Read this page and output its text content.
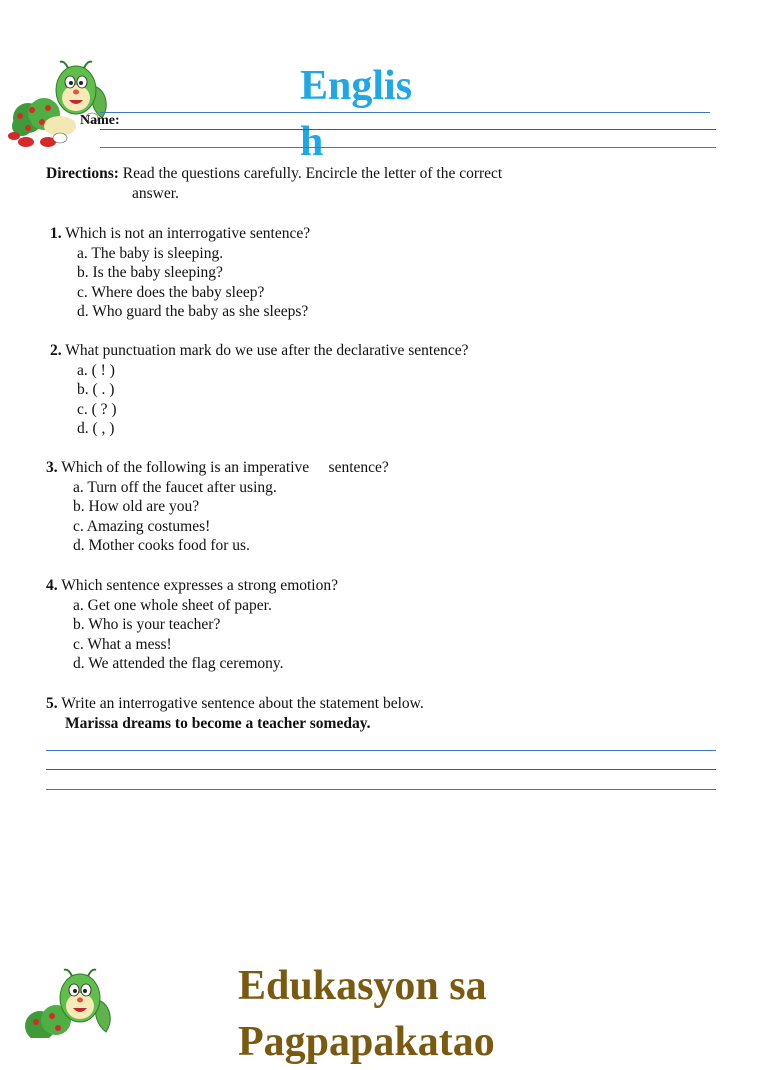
English
Name:
Directions: Read the questions carefully. Encircle the letter of the correct
answer.
1. Which is not an interrogative sentence?
a. The baby is sleeping.
b. Is the baby sleeping?
c. Where does the baby sleep?
d. Who guard the baby as she sleeps?
2. What punctuation mark do we use after the declarative sentence?
a. ( ! )
b. ( . )
c. ( ? )
d. ( , )
3. Which of the following is an imperative     sentence?
a. Turn off the faucet after using.
b. How old are you?
c. Amazing costumes!
d. Mother cooks food for us.
4. Which sentence expresses a strong emotion?
a. Get one whole sheet of paper.
b. Who is your teacher?
c. What a mess!
d. We attended the flag ceremony.
5. Write an interrogative sentence about the statement below.
Marissa dreams to become a teacher someday.
Edukasyon sa
Pagpapakatao
